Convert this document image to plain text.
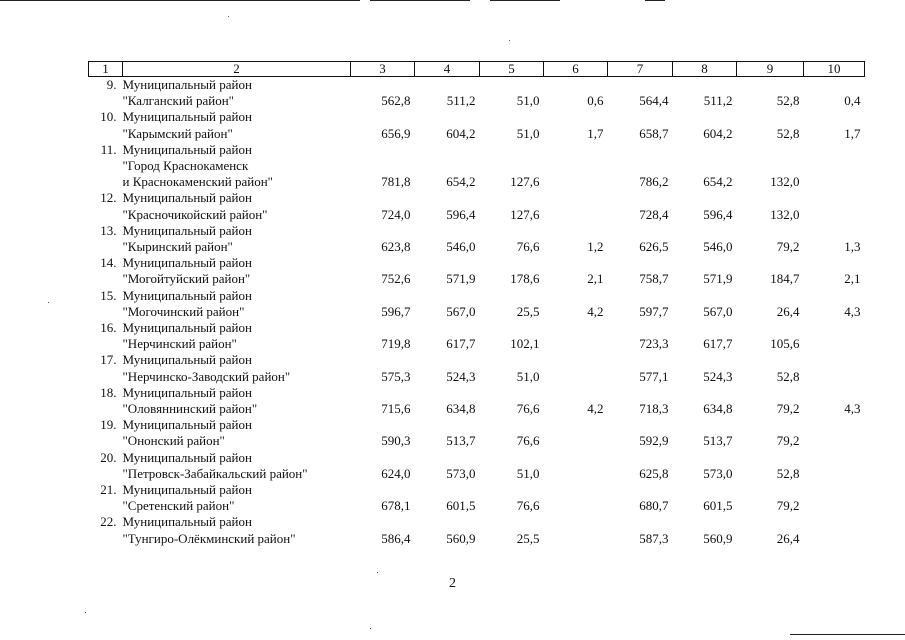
1	2	3	4	5	6	7	8	9	10
9.	Муниципальный район
"Калганский район"	562,8	511,2	51,0	0,6	564,4	511,2	52,8	0,4
10.	Муниципальный район
"Карымский район"	656,9	604,2	51,0	1,7	658,7	604,2	52,8	1,7
11.	Муниципальный район
"Город Краснокаменск
и Краснокаменский район"	781,8	654,2	127,6		786,2	654,2	132,0	
12.	Муниципальный район
"Красночикойский район"	724,0	596,4	127,6		728,4	596,4	132,0	
13.	Муниципальный район
"Кыринский район"	623,8	546,0	76,6	1,2	626,5	546,0	79,2	1,3
14.	Муниципальный район
"Могойтуйский район"	752,6	571,9	178,6	2,1	758,7	571,9	184,7	2,1
15.	Муниципальный район
"Могочинский район"	596,7	567,0	25,5	4,2	597,7	567,0	26,4	4,3
16.	Муниципальный район
"Нерчинский район"	719,8	617,7	102,1		723,3	617,7	105,6	
17.	Муниципальный район
"Нерчинско-Заводский район"	575,3	524,3	51,0		577,1	524,3	52,8	
18.	Муниципальный район
"Оловяннинский район"	715,6	634,8	76,6	4,2	718,3	634,8	79,2	4,3
19.	Муниципальный район
"Ононский район"	590,3	513,7	76,6		592,9	513,7	79,2	
20.	Муниципальный район
"Петровск-Забайкальский район"	624,0	573,0	51,0		625,8	573,0	52,8	
21.	Муниципальный район
"Сретенский район"	678,1	601,5	76,6		680,7	601,5	79,2	
22.	Муниципальный район
"Тунгиро-Олёкминский район"	586,4	560,9	25,5		587,3	560,9	26,4	
2
